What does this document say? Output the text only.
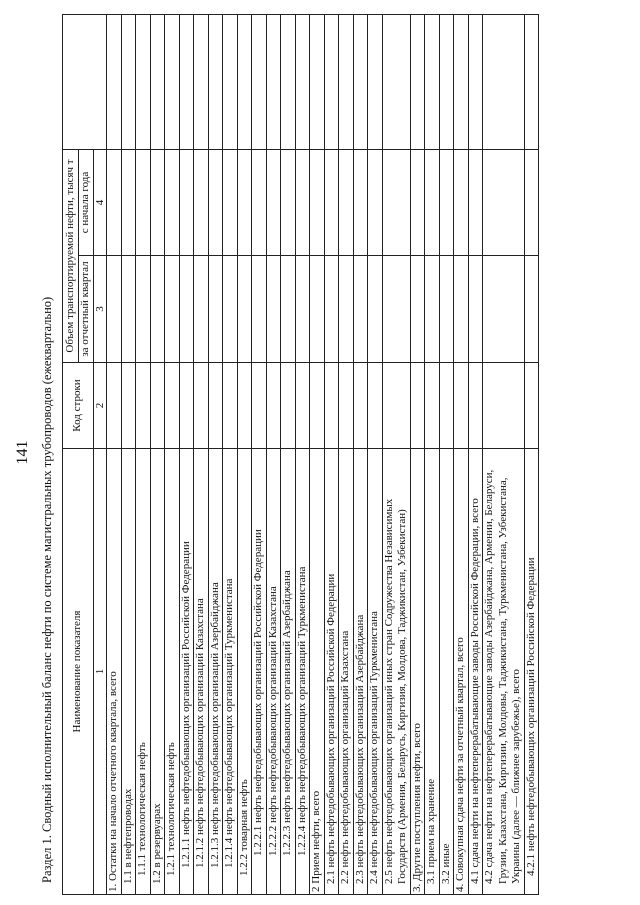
141 Раздел 1. Сводный исполнительный баланс нефти по системе магистральных трубопроводов (ежеквартально) Наименование показателя	Код строки	Объем транспортируемой нефти, тысяч т		
		за отчетный квартал	с начала года	
1	2	3	4	
1. Остатки на начало отчетного квартала, всего				
1.1 в нефтепроводах				
1.1.1 технологическая нефть				
1.2 в резервуарах				
1.2.1 технологическая нефть				
1.2.1.1 нефть нефтедобывающих организаций Российской Федерации				
1.2.1.2 нефть нефтедобывающих организаций Казахстана				
1.2.1.3 нефть нефтедобывающих организаций Азербайджана				
1.2.1.4 нефть нефтедобывающих организаций Туркменистана				
1.2.2 товарная нефть				
1.2.2.1 нефть нефтедобывающих организаций Российской Федерации				
1.2.2.2 нефть нефтедобывающих организаций Казахстана				
1.2.2.3 нефть нефтедобывающих организаций Азербайджана				
1.2.2.4 нефть нефтедобывающих организаций Туркменистана				
2 Прием нефти, всего				
2.1 нефть нефтедобывающих организаций Российской Федерации				
2.2 нефть нефтедобывающих организаций Казахстана				
2.3 нефть нефтедобывающих организаций Азербайджана				
2.4 нефть нефтедобывающих организаций Туркменистана				
2.5 нефть нефтедобывающих организаций иных стран Содружества Независимых Государств (Армения, Беларусь, Киргизия, Молдова, Таджикистан, Узбекистан)				
3. Другие поступления нефти, всего				
3.1 прием на хранение				
3.2 иные				
4. Совокупная сдача нефти за отчетный квартал, всего				
4.1 сдача нефти на нефтеперерабатывающие заводы Российской Федерации, всего				
4.2 сдача нефти на нефтеперерабатывающие заводы Азербайджана, Армении, Беларуси, Грузии, Казахстана, Киргизии, Молдовы, Таджикистана, Туркменистана, Узбекистана, Украины (далее — ближнее зарубежье), всего				
4.2.1 нефть нефтедобывающих организаций Российской Федерации				
